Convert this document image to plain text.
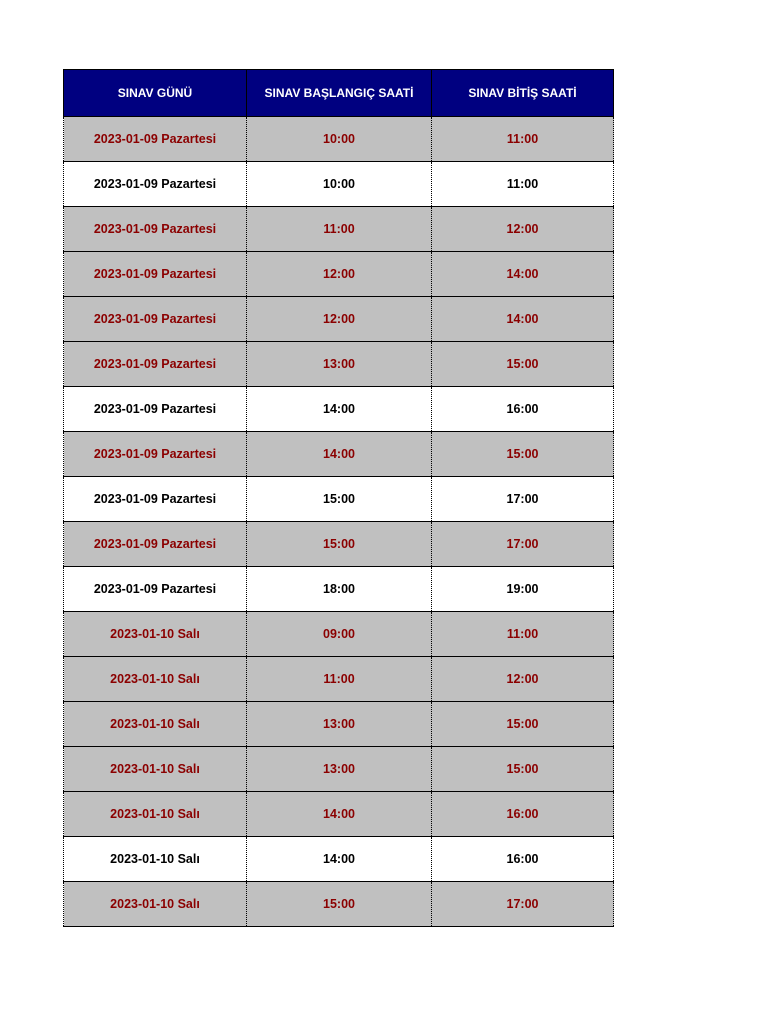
SINAV GÜNÜ	SINAV BAŞLANGIÇ SAATİ	SINAV BİTİŞ SAATİ
2023-01-09 Pazartesi	10:00	11:00
2023-01-09 Pazartesi	10:00	11:00
2023-01-09 Pazartesi	11:00	12:00
2023-01-09 Pazartesi	12:00	14:00
2023-01-09 Pazartesi	12:00	14:00
2023-01-09 Pazartesi	13:00	15:00
2023-01-09 Pazartesi	14:00	16:00
2023-01-09 Pazartesi	14:00	15:00
2023-01-09 Pazartesi	15:00	17:00
2023-01-09 Pazartesi	15:00	17:00
2023-01-09 Pazartesi	18:00	19:00
2023-01-10 Salı	09:00	11:00
2023-01-10 Salı	11:00	12:00
2023-01-10 Salı	13:00	15:00
2023-01-10 Salı	13:00	15:00
2023-01-10 Salı	14:00	16:00
2023-01-10 Salı	14:00	16:00
2023-01-10 Salı	15:00	17:00
